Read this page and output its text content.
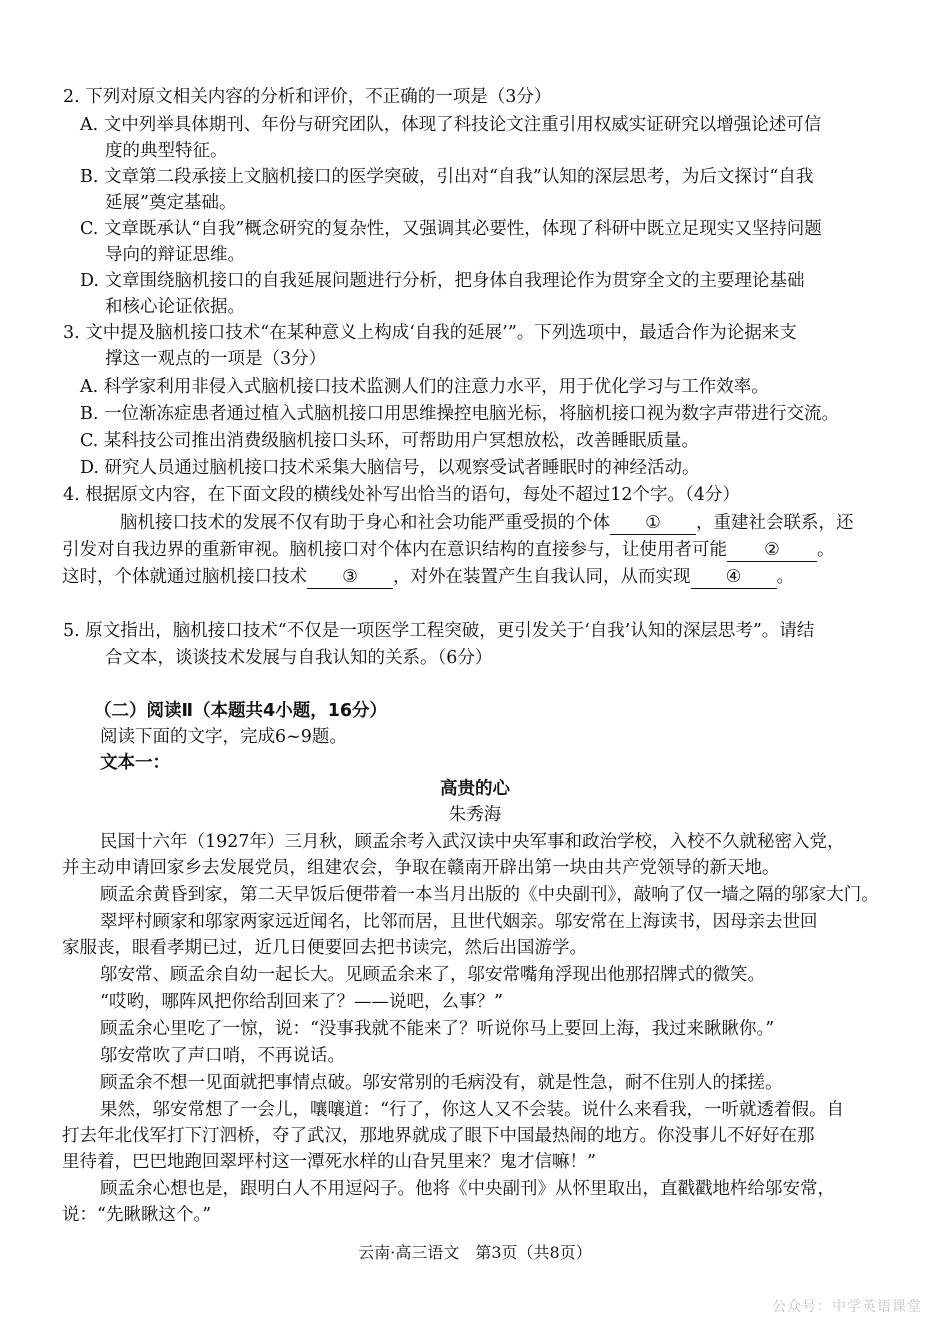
2. 下列对原文相关内容的分析和评价，不正确的一项是（3分）
A. 文中列举具体期刊、年份与研究团队，体现了科技论文注重引用权威实证研究以增强论述可信
度的典型特征。
B. 文章第二段承接上文脑机接口的医学突破，引出对“自我”认知的深层思考，为后文探讨“自我
延展”奠定基础。
C. 文章既承认“自我”概念研究的复杂性，又强调其必要性，体现了科研中既立足现实又坚持问题
导向的辩证思维。
D. 文章围绕脑机接口的自我延展问题进行分析，把身体自我理论作为贯穿全文的主要理论基础
和核心论证依据。
3. 文中提及脑机接口技术“在某种意义上构成‘自我的延展’”。下列选项中，最适合作为论据来支
撑这一观点的一项是（3分）
A. 科学家利用非侵入式脑机接口技术监测人们的注意力水平，用于优化学习与工作效率。
B. 一位渐冻症患者通过植入式脑机接口用思维操控电脑光标，将脑机接口视为数字声带进行交流。
C. 某科技公司推出消费级脑机接口头环，可帮助用户冥想放松，改善睡眠质量。
D. 研究人员通过脑机接口技术采集大脑信号，以观察受试者睡眠时的神经活动。
4. 根据原文内容，在下面文段的横线处补写出恰当的语句，每处不超过12个字。（4分）
脑机接口技术的发展不仅有助于身心和社会功能严重受损的个体 ① ，重建社会联系，还
引发对自我边界的重新审视。脑机接口对个体内在意识结构的直接参与，让使用者可能 ② 。
这时，个体就通过脑机接口技术 ③ ，对外在装置产生自我认同，从而实现 ④ 。
5. 原文指出，脑机接口技术“不仅是一项医学工程突破，更引发关于‘自我’认知的深层思考”。请结
合文本，谈谈技术发展与自我认知的关系。（6分）
（二）阅读Ⅱ（本题共4小题，16分）
阅读下面的文字，完成6~9题。
文本一：
高贵的心
朱秀海
民国十六年（1927年）三月秋，顾孟余考入武汉读中央军事和政治学校，入校不久就秘密入党，
并主动申请回家乡去发展党员，组建农会，争取在赣南开辟出第一块由共产党领导的新天地。
顾孟余黄昏到家，第二天早饭后便带着一本当月出版的《中央副刊》，敲响了仅一墙之隔的邬家大门。
翠坪村顾家和邬家两家远近闻名，比邻而居，且世代姻亲。邬安常在上海读书，因母亲去世回
家服丧，眼看孝期已过，近几日便要回去把书读完，然后出国游学。
邬安常、顾孟余自幼一起长大。见顾孟余来了，邬安常嘴角浮现出他那招牌式的微笑。
“哎哟，哪阵风把你给刮回来了？——说吧，么事？”
顾孟余心里吃了一惊，说：“没事我就不能来了？听说你马上要回上海，我过来瞅瞅你。”
邬安常吹了声口哨，不再说话。
顾孟余不想一见面就把事情点破。邬安常别的毛病没有，就是性急，耐不住别人的揉搓。
果然，邬安常想了一会儿，嚷嚷道：“行了，你这人又不会装。说什么来看我，一听就透着假。自
打去年北伐军打下汀泗桥，夺了武汉，那地界就成了眼下中国最热闹的地方。你没事儿不好好在那
里待着，巴巴地跑回翠坪村这一潭死水样的山旮旯里来？鬼才信嘛！”
顾孟余心想也是，跟明白人不用逗闷子。他将《中央副刊》从怀里取出，直戳戳地杵给邬安常，
说：“先瞅瞅这个。”
云南·高三语文　第3页（共8页）
公众号：中学英语课堂
